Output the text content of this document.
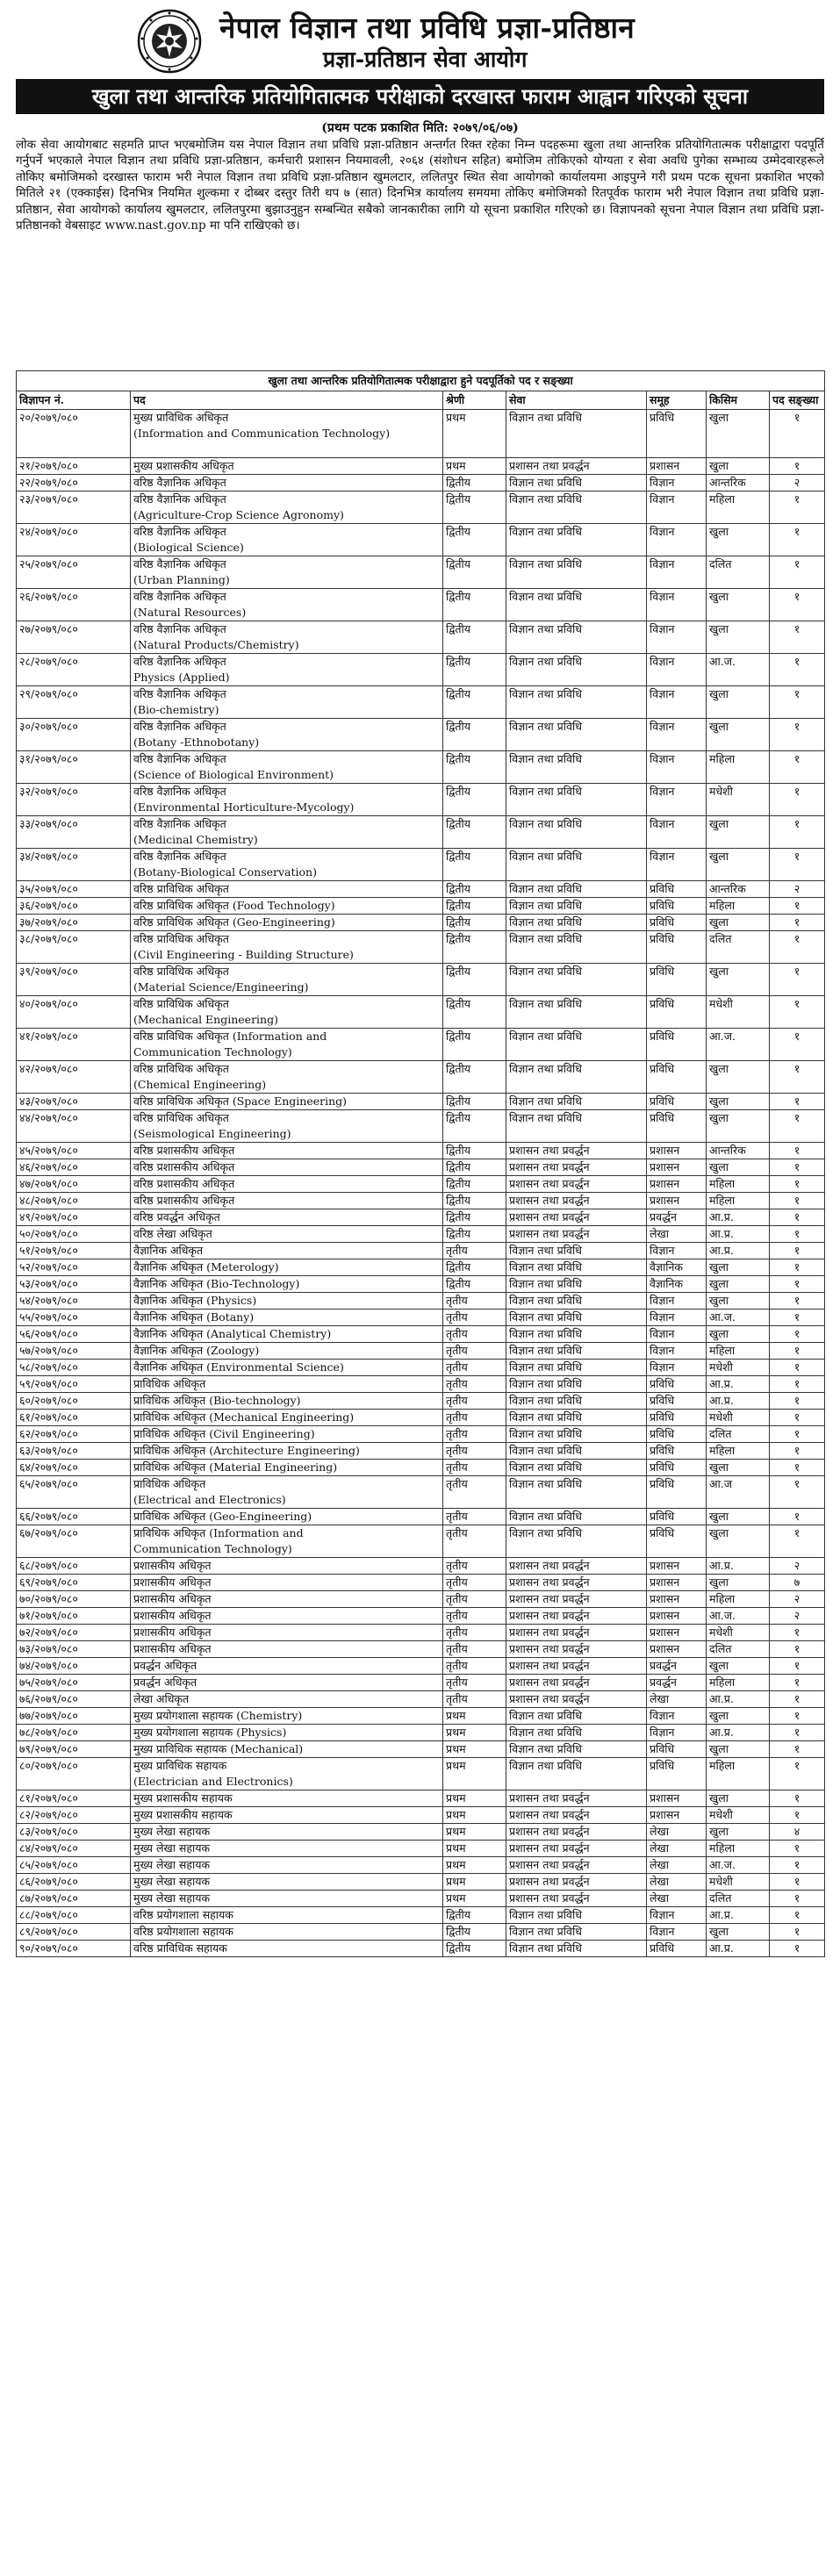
नेपाल विज्ञान तथा प्रविधि प्रज्ञा-प्रतिष्ठान
प्रज्ञा-प्रतिष्ठान सेवा आयोग
खुला तथा आन्तरिक प्रतियोगितात्मक परीक्षाको दरखास्त फाराम आह्वान गरिएको सूचना
(प्रथम पटक प्रकाशित मिति: २०७९/०६/०७)
लोक सेवा आयोगबाट सहमति प्राप्त भएबमोजिम यस नेपाल विज्ञान तथा प्रविधि प्रज्ञा-प्रतिष्ठान अन्तर्गत रिक्त रहेका निम्न पदहरूमा खुला तथा आन्तरिक प्रतियोगितात्मक परीक्षाद्वारा पदपूर्ति गर्नुपर्ने भएकाले नेपाल विज्ञान तथा प्रविधि प्रज्ञा-प्रतिष्ठान, कर्मचारी प्रशासन नियमावली, २०६४ (संशोधन सहित) बमोजिम तोकिएको योग्यता र सेवा अवधि पुगेका सम्भाव्य उम्मेदवारहरूले तोकिए बमोजिमको दरखास्त फाराम भरी नेपाल विज्ञान तथा प्रविधि प्रज्ञा-प्रतिष्ठान खुमलटार, ललितपुर स्थित सेवा आयोगको कार्यालयमा आइपुग्ने गरी प्रथम पटक सूचना प्रकाशित भएको मितिले २१ (एक्काईस) दिनभित्र नियमित शुल्कमा र दोब्बर दस्तुर तिरी थप ७ (सात) दिनभित्र कार्यालय समयमा तोकिए बमोजिमको रितपूर्वक फाराम भरी नेपाल विज्ञान तथा प्रविधि प्रज्ञा-प्रतिष्ठान, सेवा आयोगको कार्यालय खुमलटार, ललितपुरमा बुझाउनुहुन सम्बन्धित सबैको जानकारीका लागि यो सूचना प्रकाशित गरिएको छ। विज्ञापनको सूचना नेपाल विज्ञान तथा प्रविधि प्रज्ञा-प्रतिष्ठानको वेबसाइट www.nast.gov.np मा पनि राखिएको छ।
खुला तथा आन्तरिक प्रतियोगितात्मक परीक्षाद्वारा हुने पदपूर्तिको पद र सङ्ख्या						
विज्ञापन नं.	पद	श्रेणी	सेवा	समूह	किसिम	पद सङ्ख्या
२०/२०७९/०८०	मुख्य प्राविधिक अधिकृत
(Information and Communication Technology)	प्रथम	विज्ञान तथा प्रविधि	प्रविधि	खुला	१
२१/२०७९/०८०	मुख्य प्रशासकीय अधिकृत	प्रथम	प्रशासन तथा प्रवर्द्धन	प्रशासन	खुला	१
२२/२०७९/०८०	वरिष्ठ वैज्ञानिक अधिकृत	द्वितीय	विज्ञान तथा प्रविधि	विज्ञान	आन्तरिक	२
२३/२०७९/०८०	वरिष्ठ वैज्ञानिक अधिकृत
(Agriculture-Crop Science Agronomy)	द्वितीय	विज्ञान तथा प्रविधि	विज्ञान	महिला	१
२४/२०७९/०८०	वरिष्ठ वैज्ञानिक अधिकृत
(Biological Science)	द्वितीय	विज्ञान तथा प्रविधि	विज्ञान	खुला	१
२५/२०७९/०८०	वरिष्ठ वैज्ञानिक अधिकृत
(Urban Planning)	द्वितीय	विज्ञान तथा प्रविधि	विज्ञान	दलित	१
२६/२०७९/०८०	वरिष्ठ वैज्ञानिक अधिकृत
(Natural Resources)	द्वितीय	विज्ञान तथा प्रविधि	विज्ञान	खुला	१
२७/२०७९/०८०	वरिष्ठ वैज्ञानिक अधिकृत
(Natural Products/Chemistry)	द्वितीय	विज्ञान तथा प्रविधि	विज्ञान	खुला	१
२८/२०७९/०८०	वरिष्ठ वैज्ञानिक अधिकृत
Physics (Applied)	द्वितीय	विज्ञान तथा प्रविधि	विज्ञान	आ.ज.	१
२९/२०७९/०८०	वरिष्ठ वैज्ञानिक अधिकृत
(Bio-chemistry)	द्वितीय	विज्ञान तथा प्रविधि	विज्ञान	खुला	१
३०/२०७९/०८०	वरिष्ठ वैज्ञानिक अधिकृत
(Botany -Ethnobotany)	द्वितीय	विज्ञान तथा प्रविधि	विज्ञान	खुला	१
३१/२०७९/०८०	वरिष्ठ वैज्ञानिक अधिकृत
(Science of Biological Environment)	द्वितीय	विज्ञान तथा प्रविधि	विज्ञान	महिला	१
३२/२०७९/०८०	वरिष्ठ वैज्ञानिक अधिकृत
(Environmental Horticulture-Mycology)	द्वितीय	विज्ञान तथा प्रविधि	विज्ञान	मधेशी	१
३३/२०७९/०८०	वरिष्ठ वैज्ञानिक अधिकृत
(Medicinal Chemistry)	द्वितीय	विज्ञान तथा प्रविधि	विज्ञान	खुला	१
३४/२०७९/०८०	वरिष्ठ वैज्ञानिक अधिकृत
(Botany-Biological Conservation)	द्वितीय	विज्ञान तथा प्रविधि	विज्ञान	खुला	१
३५/२०७९/०८०	वरिष्ठ प्राविधिक अधिकृत	द्वितीय	विज्ञान तथा प्रविधि	प्रविधि	आन्तरिक	२
३६/२०७९/०८०	वरिष्ठ प्राविधिक अधिकृत (Food Technology)	द्वितीय	विज्ञान तथा प्रविधि	प्रविधि	महिला	१
३७/२०७९/०८०	वरिष्ठ प्राविधिक अधिकृत (Geo-Engineering)	द्वितीय	विज्ञान तथा प्रविधि	प्रविधि	खुला	१
३८/२०७९/०८०	वरिष्ठ प्राविधिक अधिकृत
(Civil Engineering - Building Structure)	द्वितीय	विज्ञान तथा प्रविधि	प्रविधि	दलित	१
३९/२०७९/०८०	वरिष्ठ प्राविधिक अधिकृत
(Material Science/Engineering)	द्वितीय	विज्ञान तथा प्रविधि	प्रविधि	खुला	१
४०/२०७९/०८०	वरिष्ठ प्राविधिक अधिकृत
(Mechanical Engineering)	द्वितीय	विज्ञान तथा प्रविधि	प्रविधि	मधेशी	१
४१/२०७९/०८०	वरिष्ठ प्राविधिक अधिकृत (Information and
Communication Technology)	द्वितीय	विज्ञान तथा प्रविधि	प्रविधि	आ.ज.	१
४२/२०७९/०८०	वरिष्ठ प्राविधिक अधिकृत
(Chemical Engineering)	द्वितीय	विज्ञान तथा प्रविधि	प्रविधि	खुला	१
४३/२०७९/०८०	वरिष्ठ प्राविधिक अधिकृत (Space Engineering)	द्वितीय	विज्ञान तथा प्रविधि	प्रविधि	खुला	१
४४/२०७९/०८०	वरिष्ठ प्राविधिक अधिकृत
(Seismological Engineering)	द्वितीय	विज्ञान तथा प्रविधि	प्रविधि	खुला	१
४५/२०७९/०८०	वरिष्ठ प्रशासकीय अधिकृत	द्वितीय	प्रशासन तथा प्रवर्द्धन	प्रशासन	आन्तरिक	१
४६/२०७९/०८०	वरिष्ठ प्रशासकीय अधिकृत	द्वितीय	प्रशासन तथा प्रवर्द्धन	प्रशासन	खुला	१
४७/२०७९/०८०	वरिष्ठ प्रशासकीय अधिकृत	द्वितीय	प्रशासन तथा प्रवर्द्धन	प्रशासन	महिला	१
४८/२०७९/०८०	वरिष्ठ प्रशासकीय अधिकृत	द्वितीय	प्रशासन तथा प्रवर्द्धन	प्रशासन	महिला	१
४९/२०७९/०८०	वरिष्ठ प्रवर्द्धन अधिकृत	द्वितीय	प्रशासन तथा प्रवर्द्धन	प्रवर्द्धन	आ.प्र.	१
५०/२०७९/०८०	वरिष्ठ लेखा अधिकृत	द्वितीय	प्रशासन तथा प्रवर्द्धन	लेखा	आ.प्र.	१
५१/२०७९/०८०	वैज्ञानिक अधिकृत	तृतीय	विज्ञान तथा प्रविधि	विज्ञान	आ.प्र.	१
५२/२०७९/०८०	वैज्ञानिक अधिकृत (Meterology)	द्वितीय	विज्ञान तथा प्रविधि	वैज्ञानिक	खुला	१
५३/२०७९/०८०	वैज्ञानिक अधिकृत (Bio-Technology)	द्वितीय	विज्ञान तथा प्रविधि	वैज्ञानिक	खुला	१
५४/२०७९/०८०	वैज्ञानिक अधिकृत (Physics)	तृतीय	विज्ञान तथा प्रविधि	विज्ञान	खुला	१
५५/२०७९/०८०	वैज्ञानिक अधिकृत (Botany)	तृतीय	विज्ञान तथा प्रविधि	विज्ञान	आ.ज.	१
५६/२०७९/०८०	वैज्ञानिक अधिकृत (Analytical Chemistry)	तृतीय	विज्ञान तथा प्रविधि	विज्ञान	खुला	१
५७/२०७९/०८०	वैज्ञानिक अधिकृत (Zoology)	तृतीय	विज्ञान तथा प्रविधि	विज्ञान	महिला	१
५८/२०७९/०८०	वैज्ञानिक अधिकृत (Environmental Science)	तृतीय	विज्ञान तथा प्रविधि	विज्ञान	मधेशी	१
५९/२०७९/०८०	प्राविधिक अधिकृत	तृतीय	विज्ञान तथा प्रविधि	प्रविधि	आ.प्र.	१
६०/२०७९/०८०	प्राविधिक अधिकृत (Bio-technology)	तृतीय	विज्ञान तथा प्रविधि	प्रविधि	आ.प्र.	१
६१/२०७९/०८०	प्राविधिक अधिकृत (Mechanical Engineering)	तृतीय	विज्ञान तथा प्रविधि	प्रविधि	मधेशी	१
६२/२०७९/०८०	प्राविधिक अधिकृत (Civil Engineering)	तृतीय	विज्ञान तथा प्रविधि	प्रविधि	दलित	१
६३/२०७९/०८०	प्राविधिक अधिकृत (Architecture Engineering)	तृतीय	विज्ञान तथा प्रविधि	प्रविधि	महिला	१
६४/२०७९/०८०	प्राविधिक अधिकृत (Material Engineering)	तृतीय	विज्ञान तथा प्रविधि	प्रविधि	खुला	१
६५/२०७९/०८०	प्राविधिक अधिकृत
(Electrical and Electronics)	तृतीय	विज्ञान तथा प्रविधि	प्रविधि	आ.ज	१
६६/२०७९/०८०	प्राविधिक अधिकृत (Geo-Engineering)	तृतीय	विज्ञान तथा प्रविधि	प्रविधि	खुला	१
६७/२०७९/०८०	प्राविधिक अधिकृत (Information and
Communication Technology)	तृतीय	विज्ञान तथा प्रविधि	प्रविधि	खुला	१
६८/२०७९/०८०	प्रशासकीय अधिकृत	तृतीय	प्रशासन तथा प्रवर्द्धन	प्रशासन	आ.प्र.	२
६९/२०७९/०८०	प्रशासकीय अधिकृत	तृतीय	प्रशासन तथा प्रवर्द्धन	प्रशासन	खुला	७
७०/२०७९/०८०	प्रशासकीय अधिकृत	तृतीय	प्रशासन तथा प्रवर्द्धन	प्रशासन	महिला	२
७१/२०७९/०८०	प्रशासकीय अधिकृत	तृतीय	प्रशासन तथा प्रवर्द्धन	प्रशासन	आ.ज.	२
७२/२०७९/०८०	प्रशासकीय अधिकृत	तृतीय	प्रशासन तथा प्रवर्द्धन	प्रशासन	मधेशी	१
७३/२०७९/०८०	प्रशासकीय अधिकृत	तृतीय	प्रशासन तथा प्रवर्द्धन	प्रशासन	दलित	१
७४/२०७९/०८०	प्रवर्द्धन अधिकृत	तृतीय	प्रशासन तथा प्रवर्द्धन	प्रवर्द्धन	खुला	१
७५/२०७९/०८०	प्रवर्द्धन अधिकृत	तृतीय	प्रशासन तथा प्रवर्द्धन	प्रवर्द्धन	महिला	१
७६/२०७९/०८०	लेखा अधिकृत	तृतीय	प्रशासन तथा प्रवर्द्धन	लेखा	आ.प्र.	१
७७/२०७९/०८०	मुख्य प्रयोगशाला सहायक (Chemistry)	प्रथम	विज्ञान तथा प्रविधि	विज्ञान	खुला	१
७८/२०७९/०८०	मुख्य प्रयोगशाला सहायक (Physics)	प्रथम	विज्ञान तथा प्रविधि	विज्ञान	आ.प्र.	१
७९/२०७९/०८०	मुख्य प्राविधिक सहायक (Mechanical)	प्रथम	विज्ञान तथा प्रविधि	प्रविधि	खुला	१
८०/२०७९/०८०	मुख्य प्राविधिक सहायक
(Electrician and Electronics)	प्रथम	विज्ञान तथा प्रविधि	प्रविधि	महिला	१
८१/२०७९/०८०	मुख्य प्रशासकीय सहायक	प्रथम	प्रशासन तथा प्रवर्द्धन	प्रशासन	खुला	१
८२/२०७९/०८०	मुख्य प्रशासकीय सहायक	प्रथम	प्रशासन तथा प्रवर्द्धन	प्रशासन	मधेशी	१
८३/२०७९/०८०	मुख्य लेखा सहायक	प्रथम	प्रशासन तथा प्रवर्द्धन	लेखा	खुला	४
८४/२०७९/०८०	मुख्य लेखा सहायक	प्रथम	प्रशासन तथा प्रवर्द्धन	लेखा	महिला	१
८५/२०७९/०८०	मुख्य लेखा सहायक	प्रथम	प्रशासन तथा प्रवर्द्धन	लेखा	आ.ज.	१
८६/२०७९/०८०	मुख्य लेखा सहायक	प्रथम	प्रशासन तथा प्रवर्द्धन	लेखा	मधेशी	१
८७/२०७९/०८०	मुख्य लेखा सहायक	प्रथम	प्रशासन तथा प्रवर्द्धन	लेखा	दलित	१
८८/२०७९/०८०	वरिष्ठ प्रयोगशाला सहायक	द्वितीय	विज्ञान तथा प्रविधि	विज्ञान	आ.प्र.	१
८९/२०७९/०८०	वरिष्ठ प्रयोगशाला सहायक	द्वितीय	विज्ञान तथा प्रविधि	विज्ञान	खुला	१
९०/२०७९/०८०	वरिष्ठ प्राविधिक सहायक	द्वितीय	विज्ञान तथा प्रविधि	प्रविधि	आ.प्र.	१
